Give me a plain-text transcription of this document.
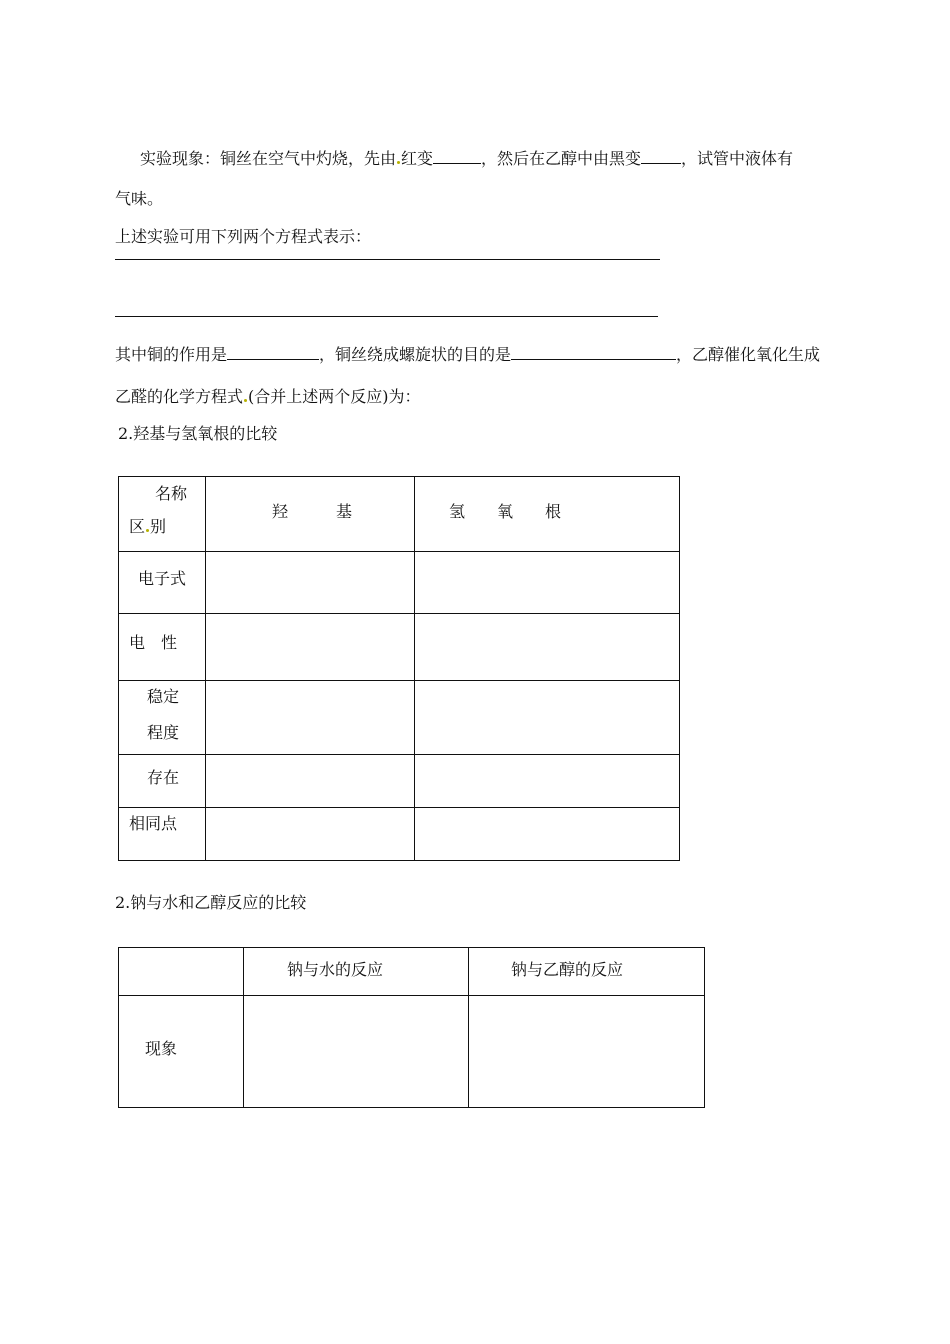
实验现象：铜丝在空气中灼烧，先由 红变	，然后在乙醇中由黑变	，试管中液体有
气味。
上述实验可用下列两个方程式表示：
其中铜的作用是	，铜丝绕成螺旋状的目的是	，乙醇催化氧化生成
乙醛的化学方程式 (合并上述两个反应)为：
2.羟基与氢氧根的比较
名称
区 别	羟　　　基	氢　　氧　　根

电子式		

电　性		

稳定
程度		

存在		

相同点		

2.钠与水和乙醇反应的比较

	钠与水的反应	钠与乙醇的反应

现象		
